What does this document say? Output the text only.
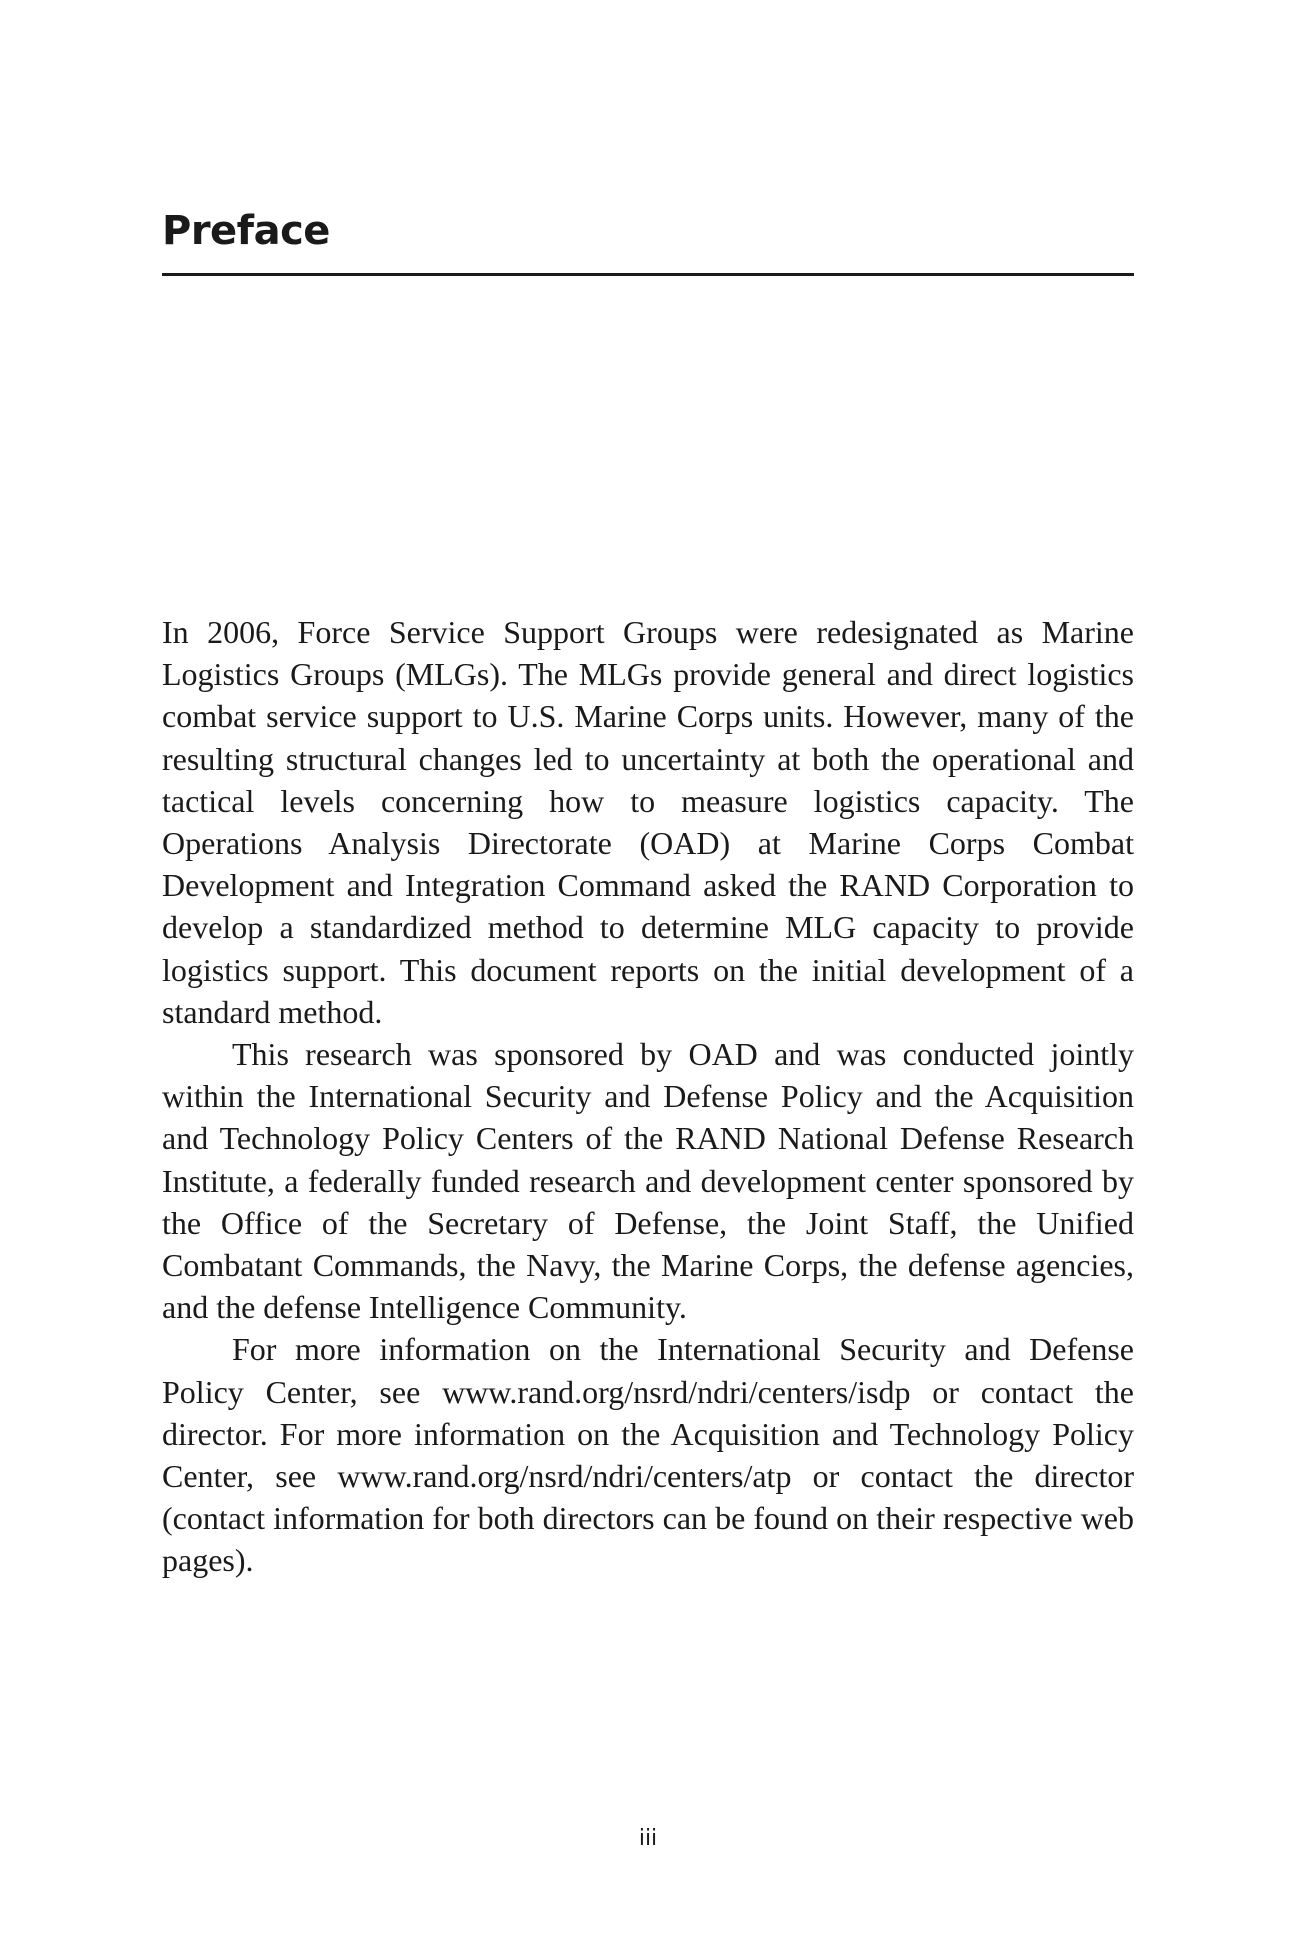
Preface

In 2006, Force Service Support Groups were redesignated as Marine Logistics Groups (MLGs). The MLGs provide general and direct logistics combat service support to U.S. Marine Corps units. However, many of the resulting structural changes led to uncertainty at both the operational and tactical levels concerning how to measure logistics capacity. The Operations Analysis Directorate (OAD) at Marine Corps Combat Development and Integration Command asked the RAND Corporation to develop a standardized method to determine MLG capacity to provide logistics support. This document reports on the initial development of a standard method.

This research was sponsored by OAD and was conducted jointly within the International Security and Defense Policy and the Acquisition and Technology Policy Centers of the RAND National Defense Research Institute, a federally funded research and development center sponsored by the Office of the Secretary of Defense, the Joint Staff, the Unified Combatant Commands, the Navy, the Marine Corps, the defense agencies, and the defense Intelligence Community.

For more information on the International Security and Defense Policy Center, see www.rand.org/nsrd/ndri/centers/isdp or contact the director. For more information on the Acquisition and Technology Policy Center, see www.rand.org/nsrd/ndri/centers/atp or contact the director (contact information for both directors can be found on their respective web pages).

iii
